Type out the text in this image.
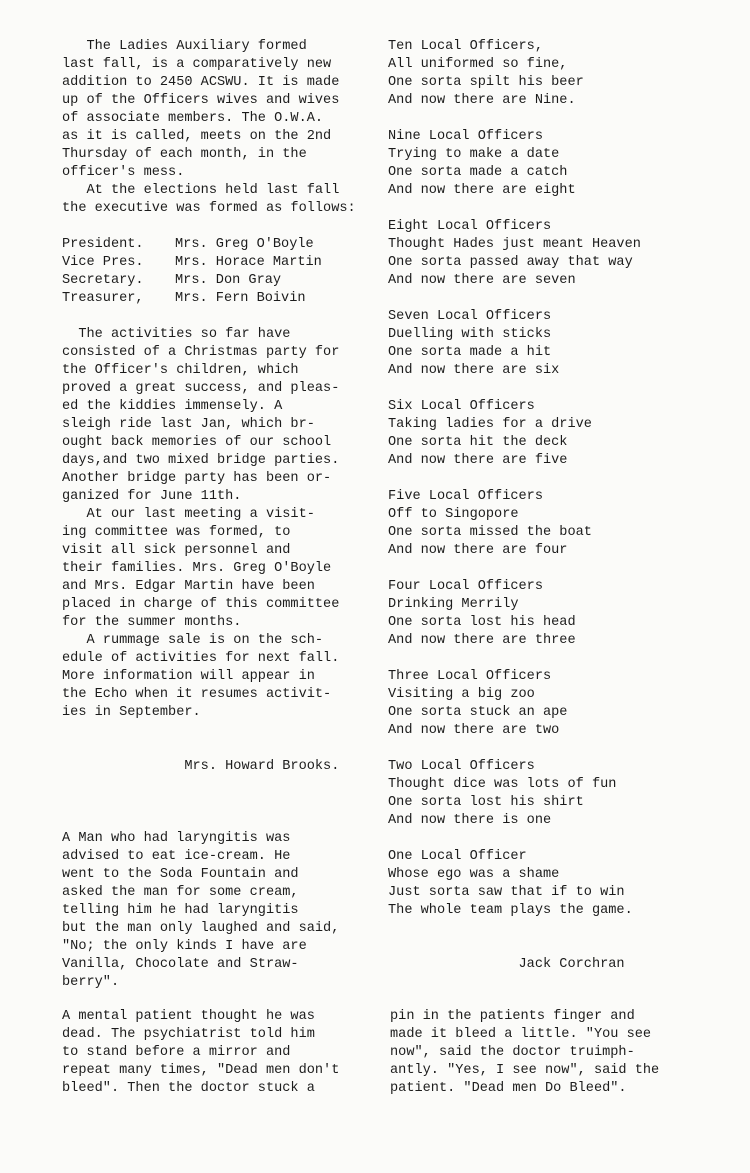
The Ladies Auxiliary formed
last fall, is a comparatively new
addition to 2450 ACSWU. It is made
up of the Officers wives and wives
of associate members. The O.W.A.
as it is called, meets on the 2nd
Thursday of each month, in the
officer's mess.
At the elections held last fall
the executive was formed as follows:
President.	Mrs. Greg O'Boyle
Vice Pres.	Mrs. Horace Martin
Secretary.	Mrs. Don Gray
Treasurer,	Mrs. Fern Boivin
The activities so far have
consisted of a Christmas party for
the Officer's children, which
proved a great success, and pleas-
ed the kiddies immensely. A
sleigh ride last Jan, which br-
ought back memories of our school
days,and two mixed bridge parties.
Another bridge party has been or-
ganized for June 11th.
At our last meeting a visit-
ing committee was formed, to
visit all sick personnel and
their families. Mrs. Greg O'Boyle
and Mrs. Edgar Martin have been
placed in charge of this committee
for the summer months.
A rummage sale is on the sch-
edule of activities for next fall.
More information will appear in
the Echo when it resumes activit-
ies in September.
Mrs. Howard Brooks.
A Man who had laryngitis was
advised to eat ice-cream. He
went to the Soda Fountain and
asked the man for some cream,
telling him he had laryngitis
but the man only laughed and said,
"No; the only kinds I have are
Vanilla, Chocolate and Straw-
berry".
Ten Local Officers,
All uniformed so fine,
One sorta spilt his beer
And now there are Nine.
Nine Local Officers
Trying to make a date
One sorta made a catch
And now there are eight
Eight Local Officers
Thought Hades just meant Heaven
One sorta passed away that way
And now there are seven
Seven Local Officers
Duelling with sticks
One sorta made a hit
And now there are six
Six Local Officers
Taking ladies for a drive
One sorta hit the deck
And now there are five
Five Local Officers
Off to Singopore
One sorta missed the boat
And now there are four
Four Local Officers
Drinking Merrily
One sorta lost his head
And now there are three
Three Local Officers
Visiting a big zoo
One sorta stuck an ape
And now there are two
Two Local Officers
Thought dice was lots of fun
One sorta lost his shirt
And now there is one
One Local Officer
Whose ego was a shame
Just sorta saw that if to win
The whole team plays the game.
Jack Corchran
A mental patient thought he was
dead. The psychiatrist told him
to stand before a mirror and
repeat many times, "Dead men don't
bleed". Then the doctor stuck a
pin in the patients finger and
made it bleed a little. "You see
now", said the doctor truimph-
antly. "Yes, I see now", said the
patient. "Dead men Do Bleed".
